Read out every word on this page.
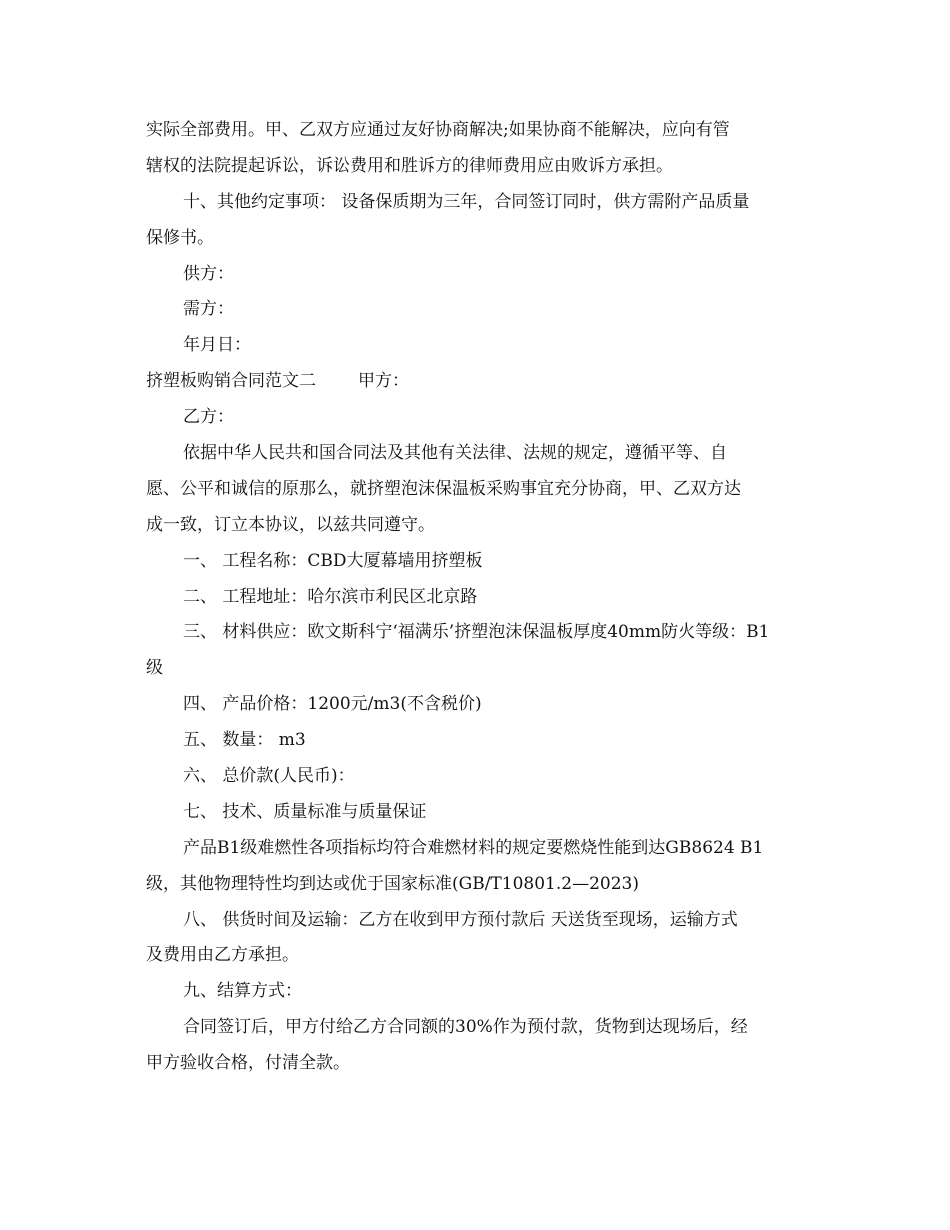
实际全部费用。甲、乙双方应通过友好协商解决;如果协商不能解决，应向有管
辖权的法院提起诉讼，诉讼费用和胜诉方的律师费用应由败诉方承担。
十、其他约定事项： 设备保质期为三年，合同签订同时，供方需附产品质量
保修书。
供方：
需方：
年月日：
挤塑板购销合同范文二 甲方：
乙方：
依据中华人民共和国合同法及其他有关法律、法规的规定，遵循平等、自
愿、公平和诚信的原那么，就挤塑泡沫保温板采购事宜充分协商，甲、乙双方达
成一致，订立本协议，以兹共同遵守。
一、 工程名称：CBD大厦幕墙用挤塑板
二、 工程地址：哈尔滨市利民区北京路
三、 材料供应：欧文斯科宁‘福满乐’挤塑泡沫保温板厚度40mm防火等级：B1
级
四、 产品价格：1200元/m3(不含税价)
五、 数量： m3
六、 总价款(人民币)：
七、 技术、质量标准与质量保证
产品B1级难燃性各项指标均符合难燃材料的规定要燃烧性能到达GB8624 B1
级，其他物理特性均到达或优于国家标准(GB/T10801.2—2023)
八、 供货时间及运输：乙方在收到甲方预付款后 天送货至现场，运输方式
及费用由乙方承担。
九、结算方式：
合同签订后，甲方付给乙方合同额的30%作为预付款，货物到达现场后，经
甲方验收合格，付清全款。
